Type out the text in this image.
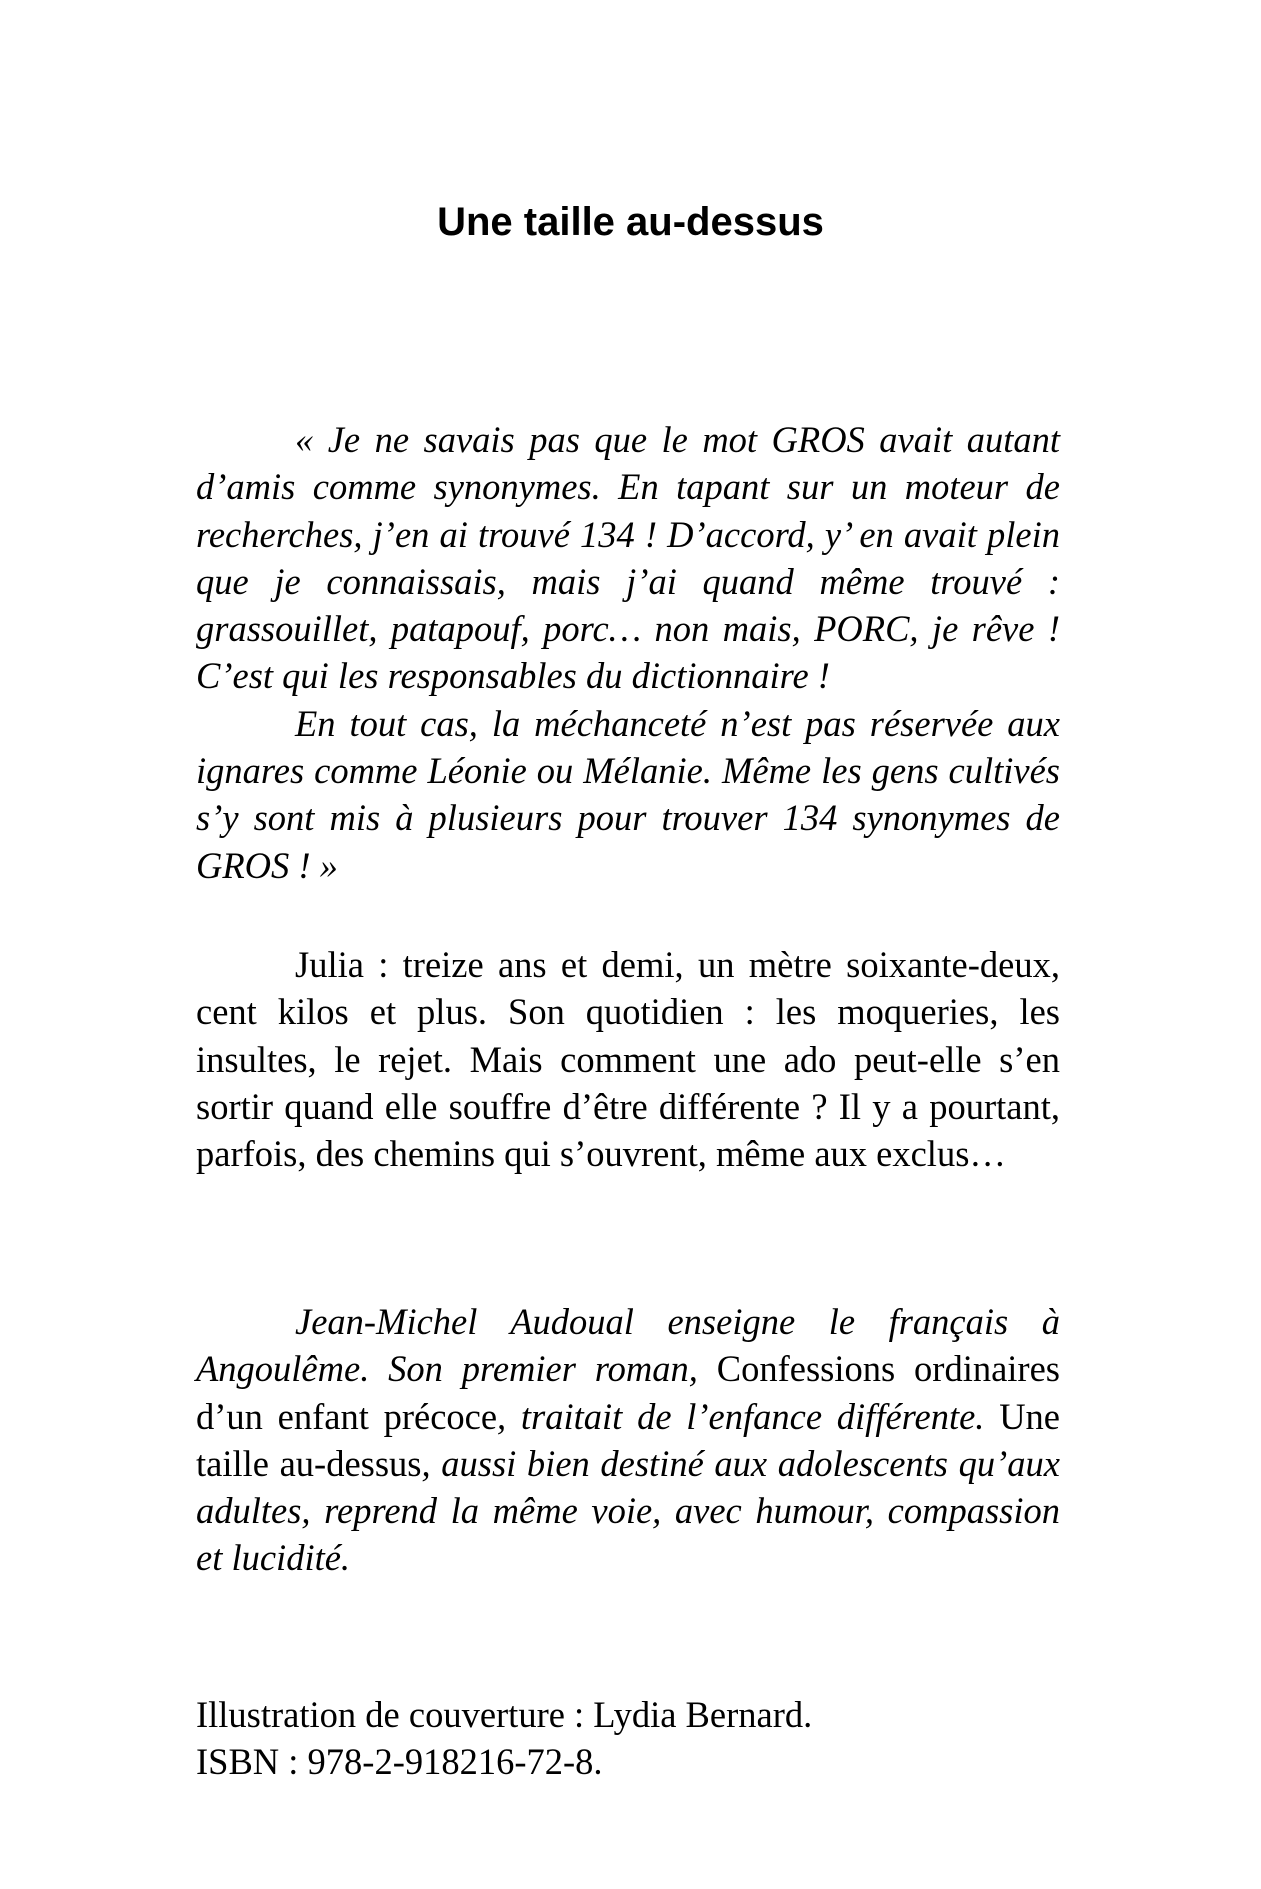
Une taille au-dessus

« Je ne savais pas que le mot GROS avait autant d’amis comme synonymes. En tapant sur un moteur de recherches, j’en ai trouvé 134 ! D’accord, y’ en avait plein que je connaissais, mais j’ai quand même trouvé : grassouillet, patapouf, porc… non mais, PORC, je rêve ! C’est qui les responsables du dictionnaire !

En tout cas, la méchanceté n’est pas réservée aux ignares comme Léonie ou Mélanie. Même les gens cultivés s’y sont mis à plusieurs pour trouver 134 synonymes de GROS ! »

Julia : treize ans et demi, un mètre soixante-deux, cent kilos et plus. Son quotidien : les moqueries, les insultes, le rejet. Mais comment une ado peut-elle s’en sortir quand elle souffre d’être différente ? Il y a pourtant, parfois, des chemins qui s’ouvrent, même aux exclus…

Jean-Michel Audoual enseigne le français à Angoulême. Son premier roman, Confessions ordinaires d’un enfant précoce, traitait de l’enfance différente. Une taille au-dessus, aussi bien destiné aux adolescents qu’aux adultes, reprend la même voie, avec humour, compassion et lucidité.

Illustration de couverture : Lydia Bernard.

ISBN : 978-2-918216-72-8.
